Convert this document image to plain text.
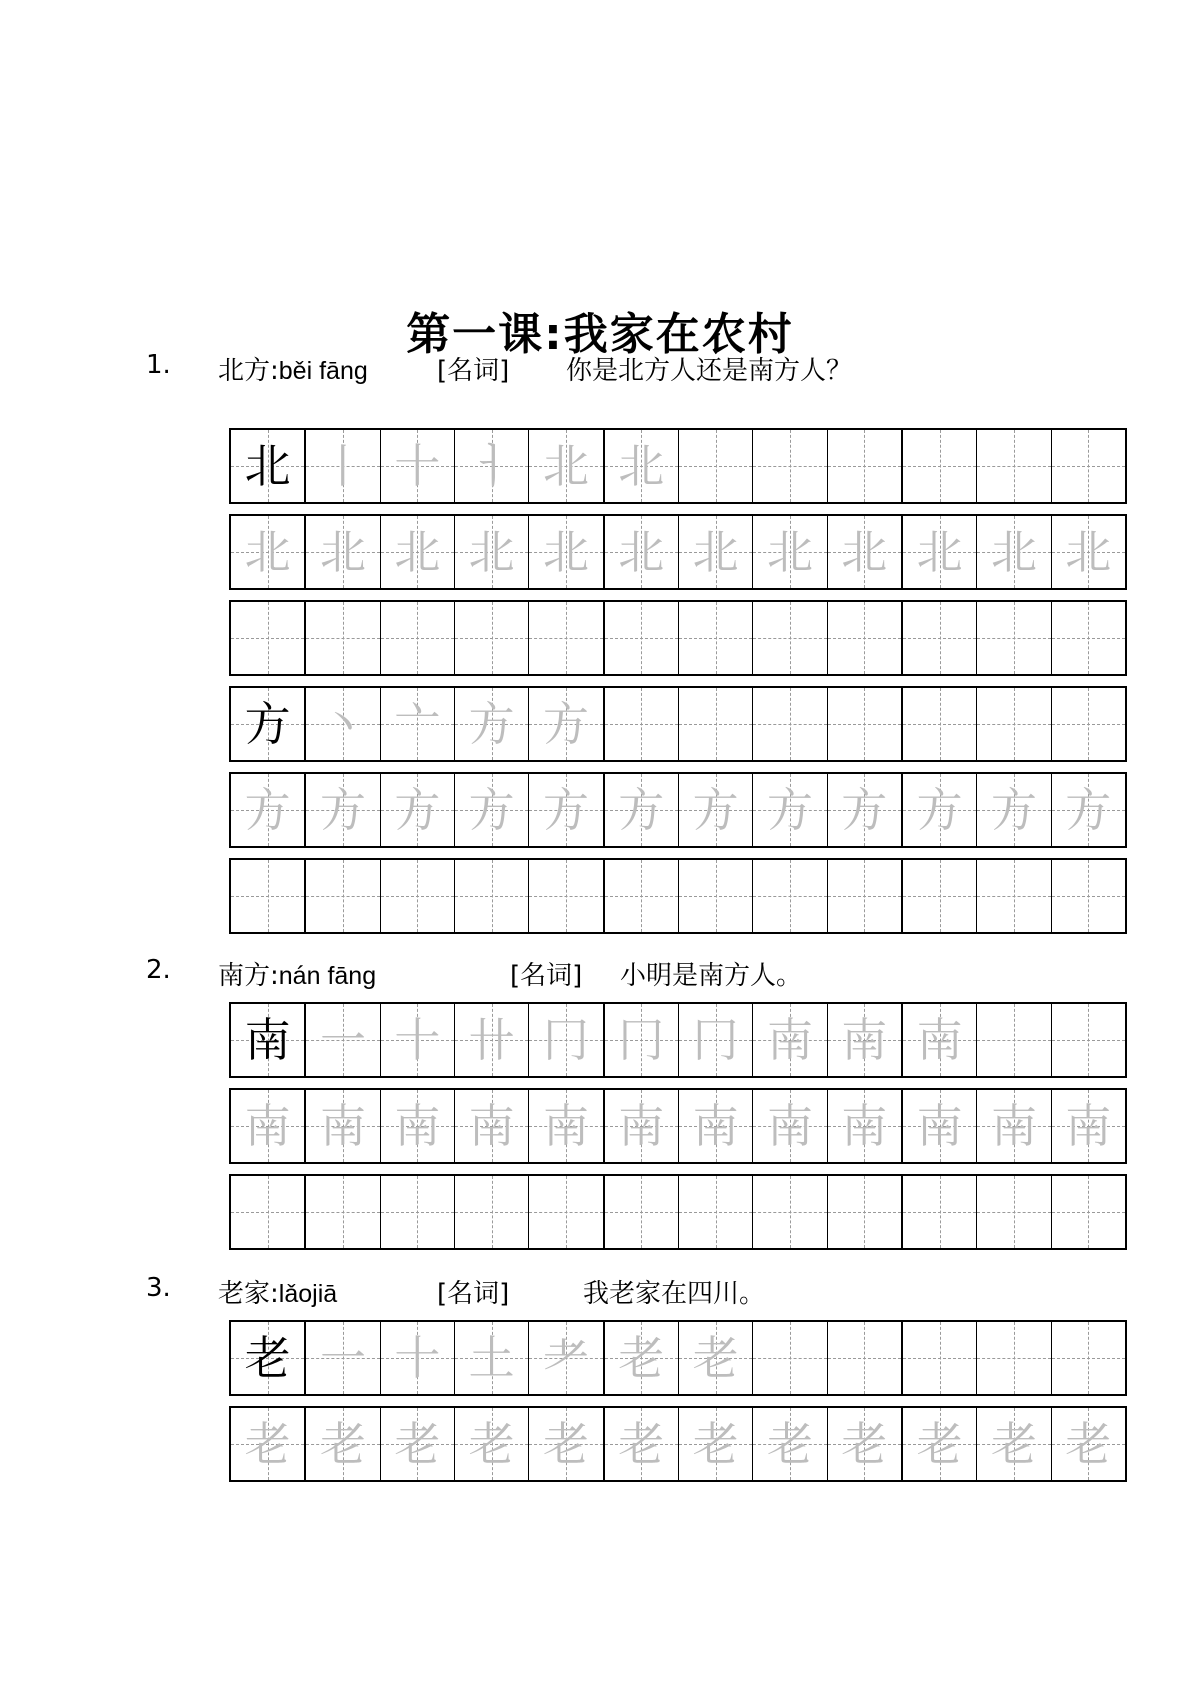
第一课:我家在农村
1. 北方:běi fāng	[名词] 你是北方人还是南方人？
北 丨 十 ㅓ 北 北
北 北 北 北 北 北 北 北 北 北 北 北
方 丶 亠 方 方
方 方 方 方 方 方 方 方 方 方 方 方
2. 南方:nán fāng	[名词] 小明是南方人。
南 一 十 卄 冂 冂 冂 南 南 南
南 南 南 南 南 南 南 南 南 南 南 南
3. 老家:lǎojiā	[名词]	我老家在四川。
老 一 十 土 耂 老 老
老 老 老 老 老 老 老 老 老 老 老 老
